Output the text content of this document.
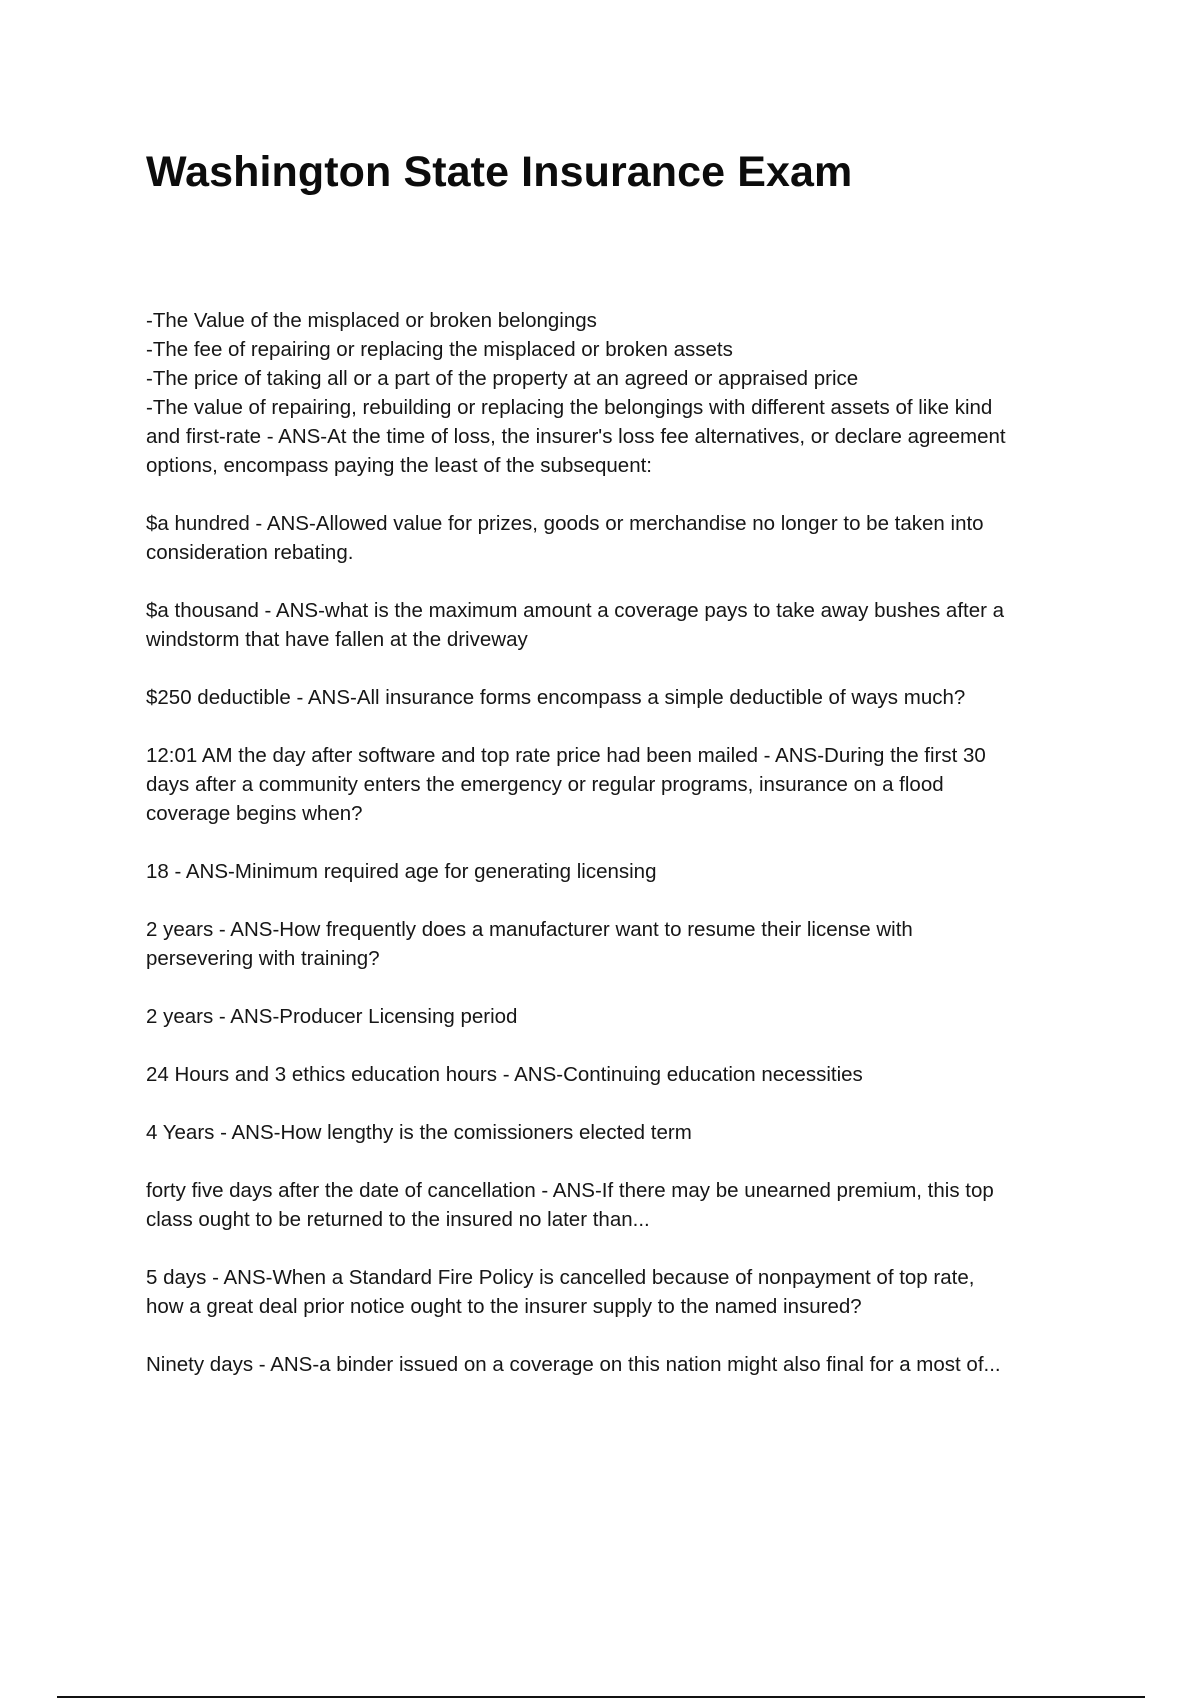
Washington State Insurance Exam

-The Value of the misplaced or broken belongings
-The fee of repairing or replacing the misplaced or broken assets
-The price of taking all or a part of the property at an agreed or appraised price
-The value of repairing, rebuilding or replacing the belongings with different assets of like kind
and first-rate - ANS-At the time of loss, the insurer's loss fee alternatives, or declare agreement
options, encompass paying the least of the subsequent:

$a hundred - ANS-Allowed value for prizes, goods or merchandise no longer to be taken into
consideration rebating.

$a thousand - ANS-what is the maximum amount a coverage pays to take away bushes after a
windstorm that have fallen at the driveway

$250 deductible - ANS-All insurance forms encompass a simple deductible of ways much?

12:01 AM the day after software and top rate price had been mailed - ANS-During the first 30
days after a community enters the emergency or regular programs, insurance on a flood
coverage begins when?

18 - ANS-Minimum required age for generating licensing

2 years - ANS-How frequently does a manufacturer want to resume their license with
persevering with training?

2 years - ANS-Producer Licensing period

24 Hours and 3 ethics education hours - ANS-Continuing education necessities

4 Years - ANS-How lengthy is the comissioners elected term

forty five days after the date of cancellation - ANS-If there may be unearned premium, this top
class ought to be returned to the insured no later than...

5 days - ANS-When a Standard Fire Policy is cancelled because of nonpayment of top rate,
how a great deal prior notice ought to the insurer supply to the named insured?

Ninety days - ANS-a binder issued on a coverage on this nation might also final for a most of...
